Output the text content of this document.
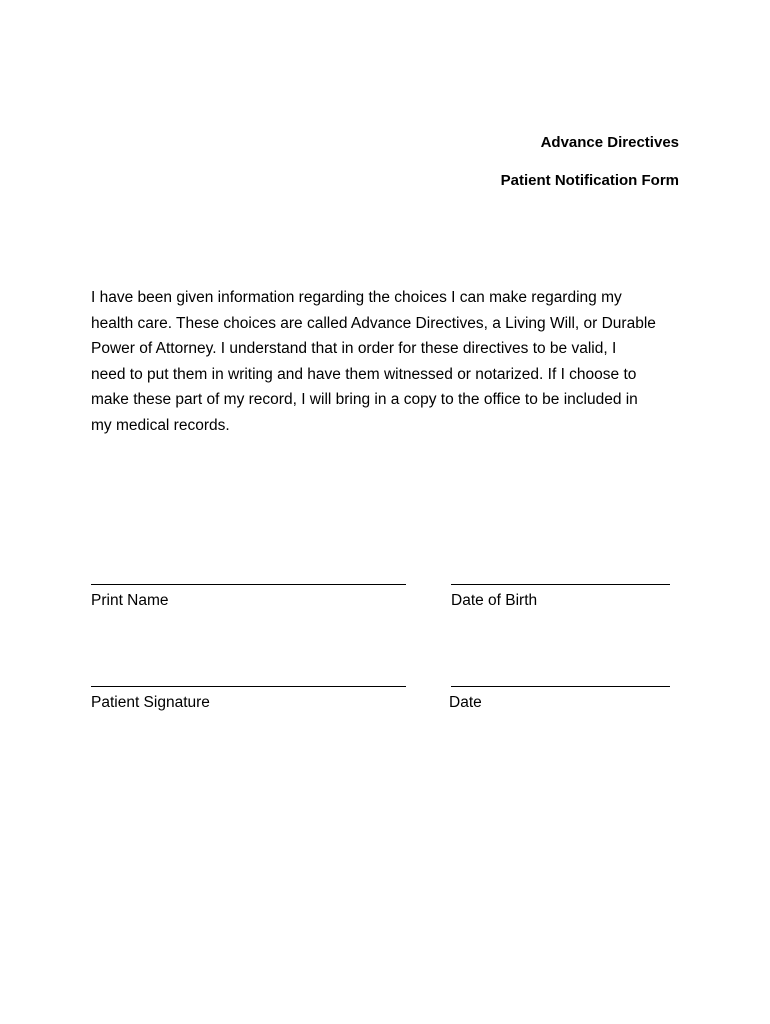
Advance Directives
Patient Notification Form

I have been given information regarding the choices I can make regarding my
health care. These choices are called Advance Directives, a Living Will, or Durable
Power of Attorney. I understand that in order for these directives to be valid, I
need to put them in writing and have them witnessed or notarized. If I choose to
make these part of my record, I will bring in a copy to the office to be included in
my medical records.

Print Name	Date of Birth
Patient Signature	Date
